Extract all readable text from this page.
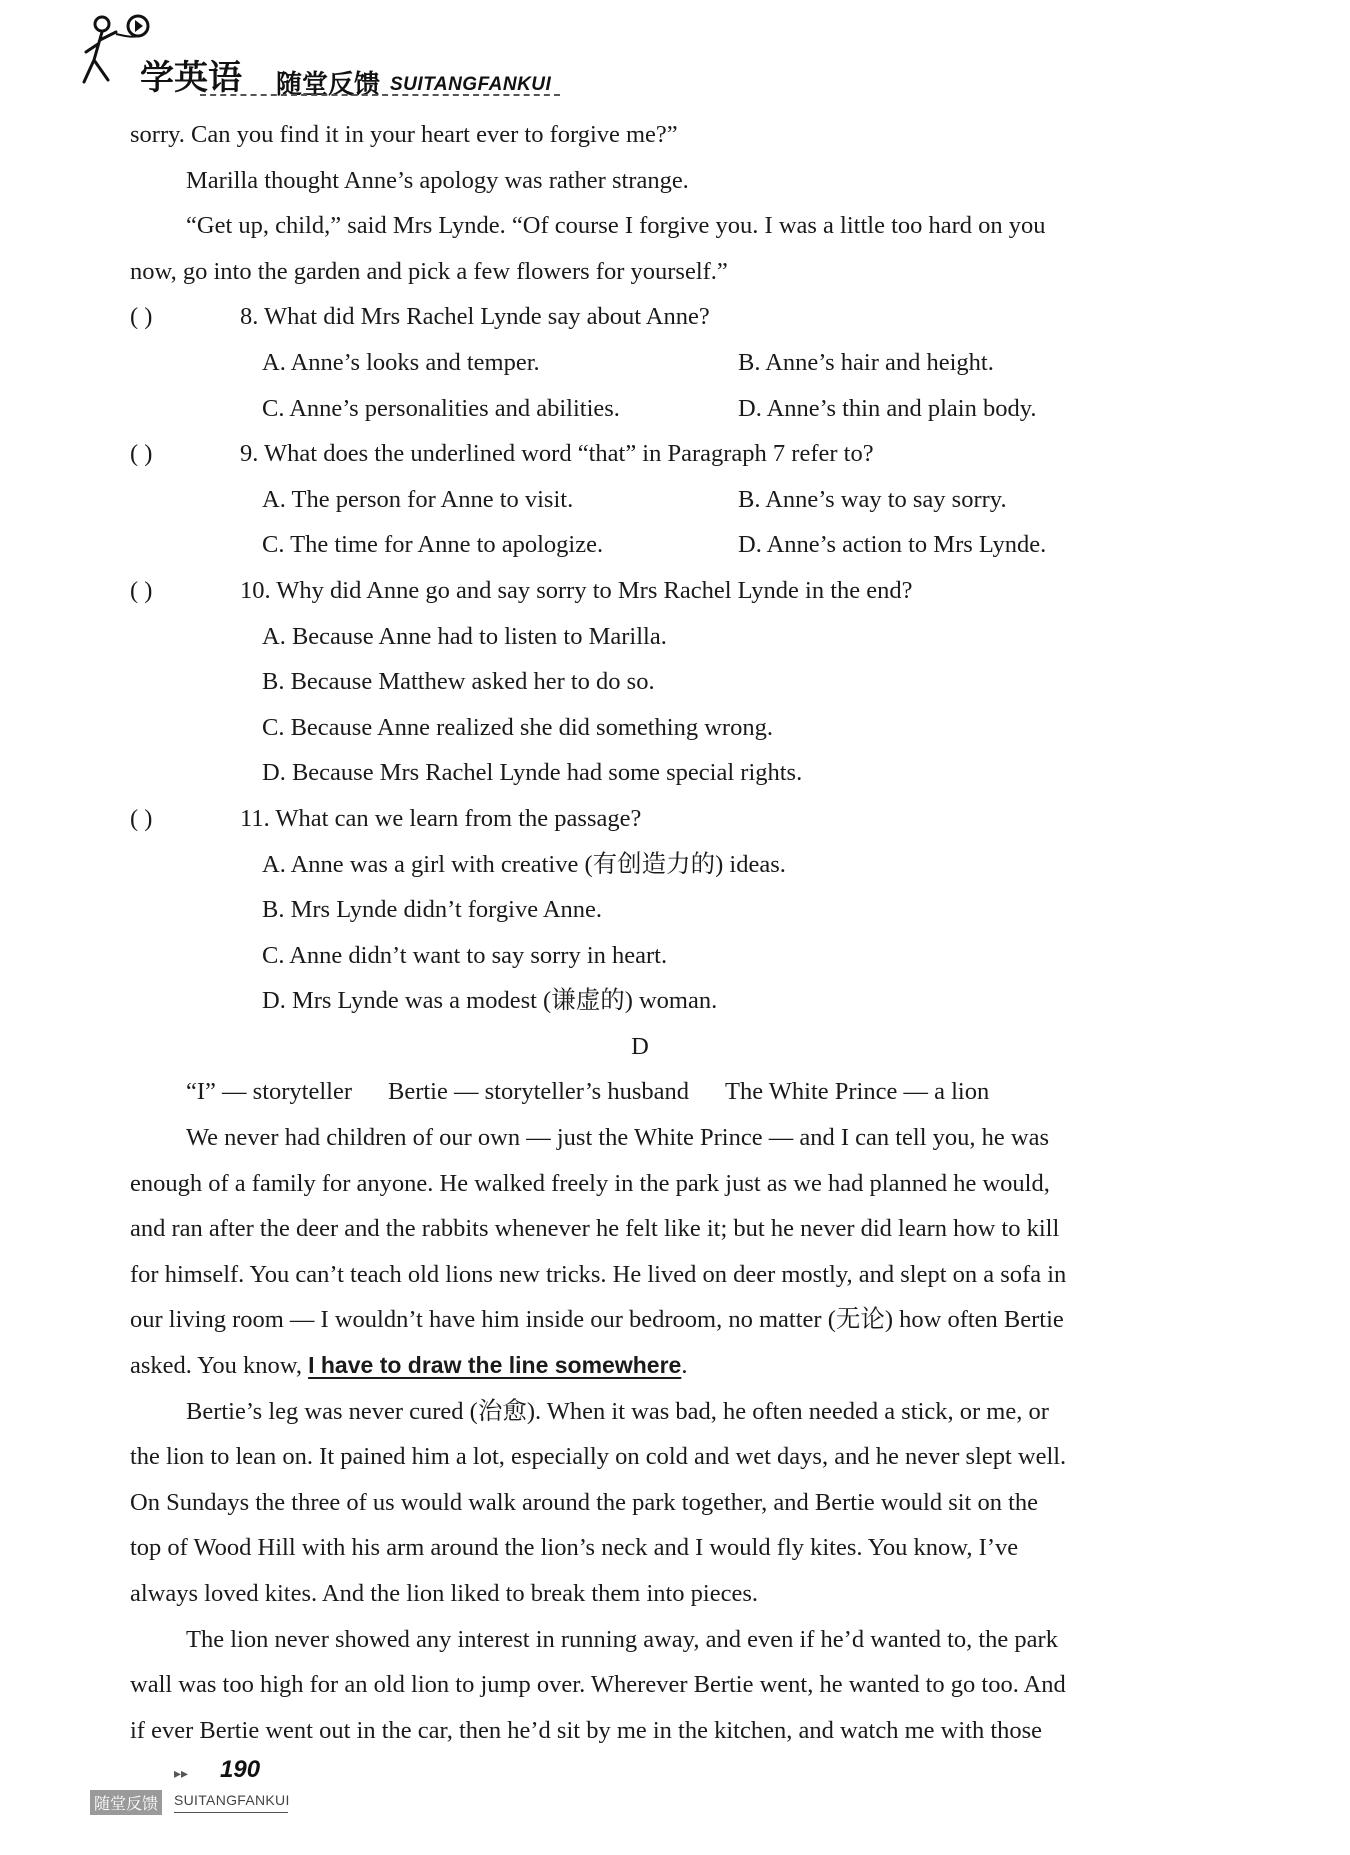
学英语 随堂反馈 SUITANGFANKUI

sorry. Can you find it in your heart ever to forgive me?”

Marilla thought Anne’s apology was rather strange.

“Get up, child,” said Mrs Lynde. “Of course I forgive you. I was a little too hard on you

now, go into the garden and pick a few flowers for yourself.”

( )	8. What did Mrs Rachel Lynde say about Anne?

A. Anne’s looks and temper.	B. Anne’s hair and height.
C. Anne’s personalities and abilities.	D. Anne’s thin and plain body.

( )	9. What does the underlined word “that” in Paragraph 7 refer to?

A. The person for Anne to visit.	B. Anne’s way to say sorry.
C. The time for Anne to apologize.	D. Anne’s action to Mrs Lynde.

( )	10. Why did Anne go and say sorry to Mrs Rachel Lynde in the end?

A. Because Anne had to listen to Marilla.

B. Because Matthew asked her to do so.

C. Because Anne realized she did something wrong.

D. Because Mrs Rachel Lynde had some special rights.

( )	11. What can we learn from the passage?

A. Anne was a girl with creative (有创造力的) ideas.

B. Mrs Lynde didn’t forgive Anne.

C. Anne didn’t want to say sorry in heart.

D. Mrs Lynde was a modest (谦虚的) woman.

D

“I” — storyteller Bertie — storyteller’s husband The White Prince — a lion

We never had children of our own — just the White Prince — and I can tell you, he was

enough of a family for anyone. He walked freely in the park just as we had planned he would,

and ran after the deer and the rabbits whenever he felt like it; but he never did learn how to kill

for himself. You can’t teach old lions new tricks. He lived on deer mostly, and slept on a sofa in

our living room — I wouldn’t have him inside our bedroom, no matter (无论) how often Bertie

asked. You know, I have to draw the line somewhere.

Bertie’s leg was never cured (治愈). When it was bad, he often needed a stick, or me, or

the lion to lean on. It pained him a lot, especially on cold and wet days, and he never slept well.

On Sundays the three of us would walk around the park together, and Bertie would sit on the

top of Wood Hill with his arm around the lion’s neck and I would fly kites. You know, I’ve

always loved kites. And the lion liked to break them into pieces.

The lion never showed any interest in running away, and even if he’d wanted to, the park

wall was too high for an old lion to jump over. Wherever Bertie went, he wanted to go too. And

if ever Bertie went out in the car, then he’d sit by me in the kitchen, and watch me with those

▸▸ 190
随堂反馈 SUITANGFANKUI
